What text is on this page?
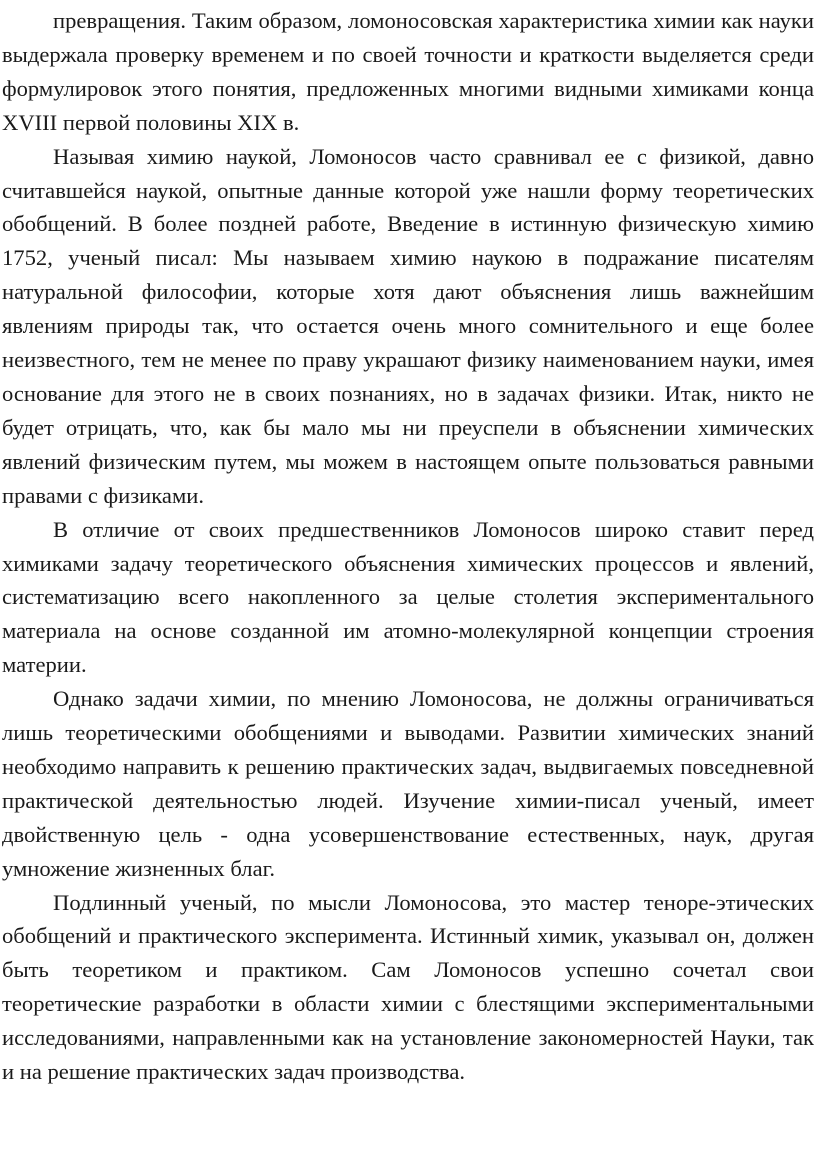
превращения. Таким образом, ломоносовская характеристика химии как науки выдержала проверку временем и по своей точности и краткости выделяется среди формулировок этого понятия, предложенных многими видными химиками конца XVIII первой половины XIX в.

Называя химию наукой, Ломоносов часто сравнивал ее с физикой, давно считавшейся наукой, опытные данные которой уже нашли форму теоретических обобщений. В более поздней работе, Введение в истинную физическую химию 1752, ученый писал: Мы называем химию наукою в подражание писателям натуральной философии, которые хотя дают объяснения лишь важнейшим явлениям природы так, что остается очень много сомнительного и еще более неизвестного, тем не менее по праву украшают физику наименованием науки, имея основание для этого не в своих познаниях, но в задачах физики. Итак, никто не будет отрицать, что, как бы мало мы ни преуспели в объяснении химических явлений физическим путем, мы можем в настоящем опыте пользоваться равными правами с физиками.

В отличие от своих предшественников Ломоносов широко ставит перед химиками задачу теоретического объяснения химических процессов и явлений, систематизацию всего накопленного за целые столетия экспериментального материала на основе созданной им атомно-молекулярной концепции строения материи.

Однако задачи химии, по мнению Ломоносова, не должны ограничиваться лишь теоретическими обобщениями и выводами. Развитии химических знаний необходимо направить к решению практических задач, выдвигаемых повседневной практической деятельностью людей. Изучение химии-писал ученый, имеет двойственную цель - одна усовершенствование естественных, наук, другая умножение жизненных благ.

Подлинный ученый, по мысли Ломоносова, это мастер теноре-этических обобщений и практического эксперимента. Истинный химик, указывал он, должен быть теоретиком и практиком. Сам Ломоносов успешно сочетал свои теоретические разработки в области химии с блестящими экспериментальными исследованиями, направленными как на установление закономерностей Науки, так и на решение практических задач производства.
